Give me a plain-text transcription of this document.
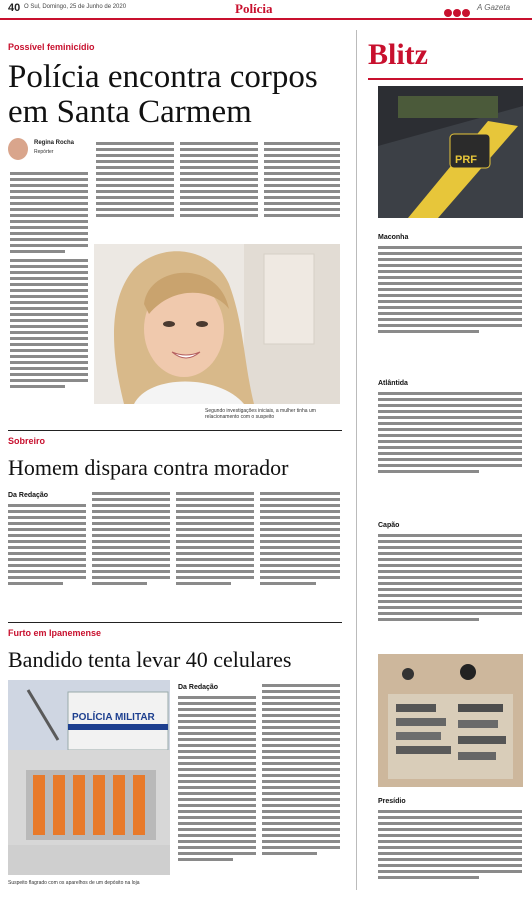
40 O Sul, Domingo, 25 de Junho de 2020	Polícia	A Gazeta
Possível feminicídio
Polícia encontra corpos em Santa Carmem
Regina Rocha
Repórter
Segundo investigações iniciais, a mulher tinha um relacionamento com o suspeito
Sobreiro
Homem dispara contra morador
Da Redação
Furto em Ipanemense
Bandido tenta levar 40 celulares
POLÍCIA MILITAR
Suspeito flagrado com os aparelhos de um depósito na loja
Da Redação
Blitz
PRF
Maconha
Atlântida
Capão
Presídio
